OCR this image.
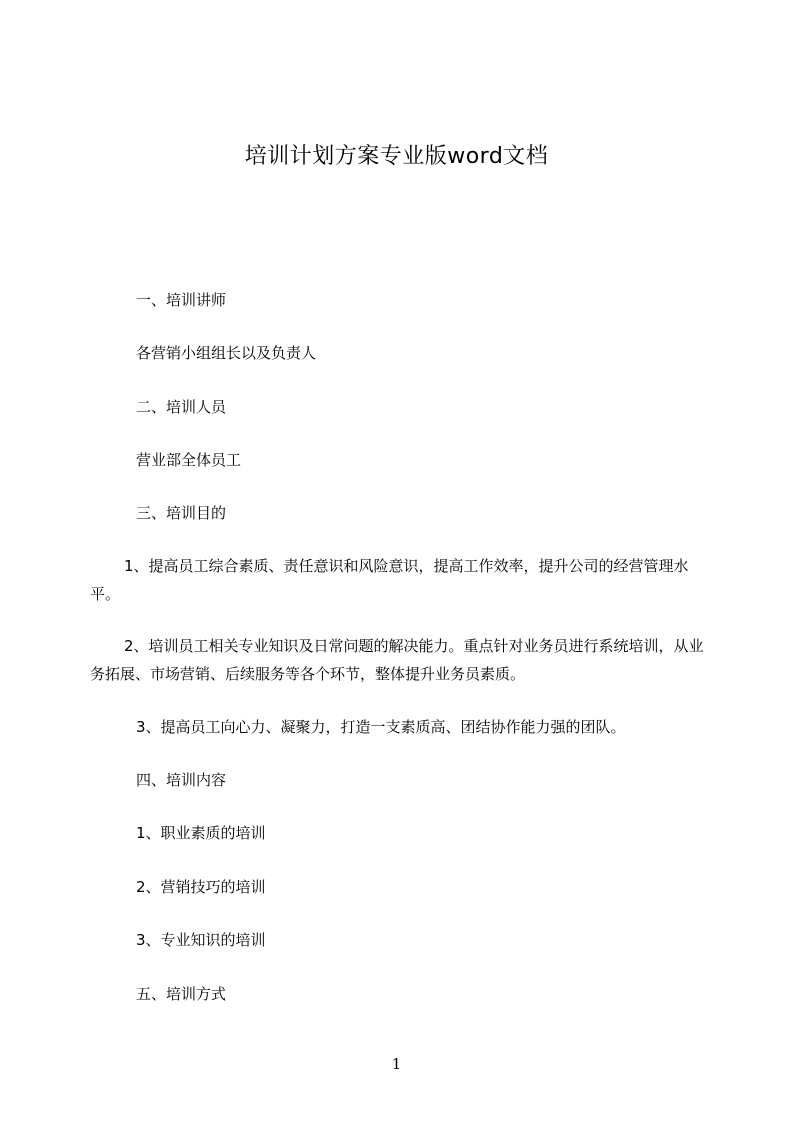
培训计划方案专业版word文档

一、培训讲师

各营销小组组长以及负责人

二、培训人员

营业部全体员工

三、培训目的

1、提高员工综合素质、责任意识和风险意识，提高工作效率，提升公司的经营管理水平。

2、培训员工相关专业知识及日常问题的解决能力。重点针对业务员进行系统培训，从业务拓展、市场营销、后续服务等各个环节，整体提升业务员素质。

3、提高员工向心力、凝聚力，打造一支素质高、团结协作能力强的团队。

四、培训内容

1、职业素质的培训

2、营销技巧的培训

3、专业知识的培训

五、培训方式

1
